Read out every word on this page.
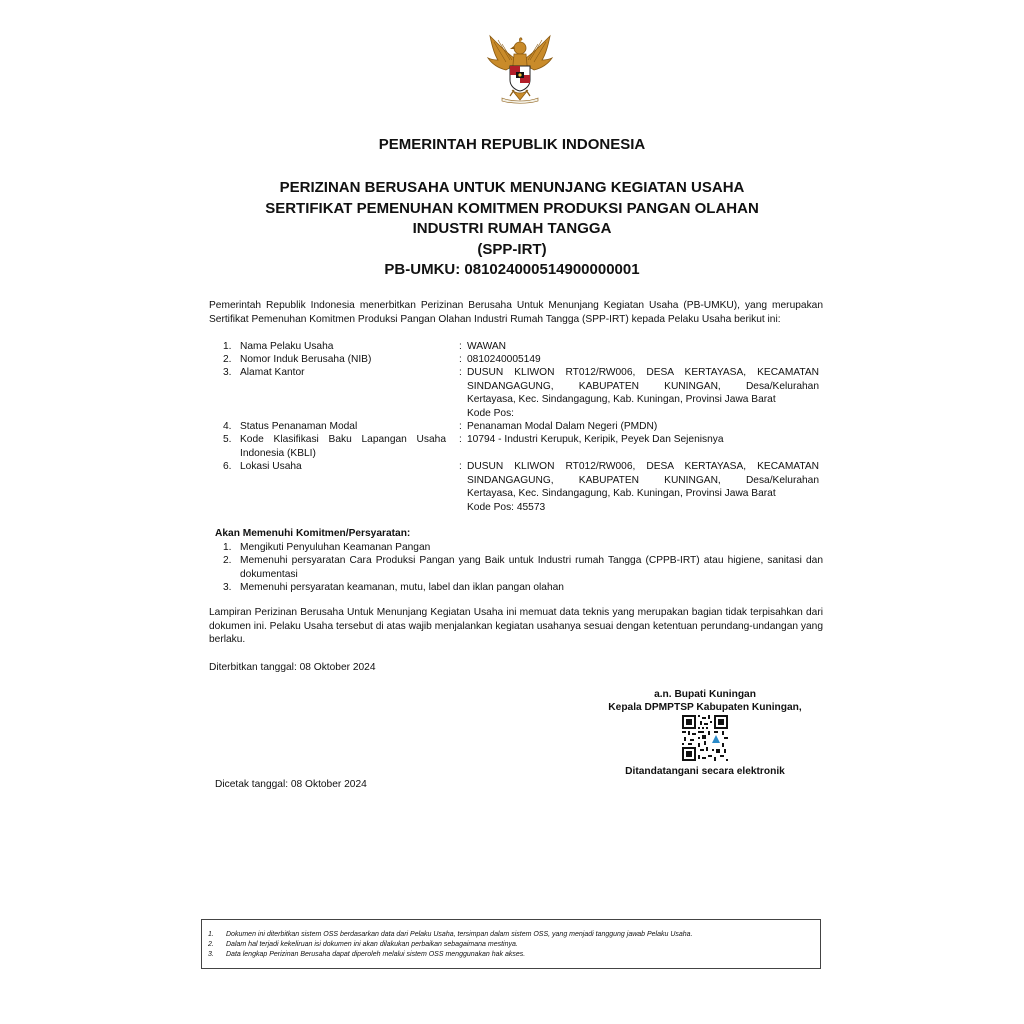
PEMERINTAH REPUBLIK INDONESIA
PERIZINAN BERUSAHA UNTUK MENUNJANG KEGIATAN USAHA
SERTIFIKAT PEMENUHAN KOMITMEN PRODUKSI PANGAN OLAHAN
INDUSTRI RUMAH TANGGA
(SPP-IRT)
PB-UMKU: 081024000514900000001
Pemerintah Republik Indonesia menerbitkan Perizinan Berusaha Untuk Menunjang Kegiatan Usaha (PB-UMKU), yang merupakan Sertifikat Pemenuhan Komitmen Produksi Pangan Olahan Industri Rumah Tangga (SPP-IRT) kepada Pelaku Usaha berikut ini:
1. Nama Pelaku Usaha	: WAWAN
2. Nomor Induk Berusaha (NIB)	: 0810240005149
3. Alamat Kantor	: DUSUN KLIWON RT012/RW006, DESA KERTAYASA, KECAMATAN
SINDANGAGUNG, KABUPATEN KUNINGAN, Desa/Kelurahan
Kertayasa, Kec. Sindangagung, Kab. Kuningan, Provinsi Jawa Barat
Kode Pos:
4. Status Penanaman Modal	: Penanaman Modal Dalam Negeri (PMDN)
5. Kode Klasifikasi Baku Lapangan Usaha
Indonesia (KBLI)
: 10794 - Industri Kerupuk, Keripik, Peyek Dan Sejenisnya
6. Lokasi Usaha	: DUSUN KLIWON RT012/RW006, DESA KERTAYASA, KECAMATAN
SINDANGAGUNG, KABUPATEN KUNINGAN, Desa/Kelurahan
Kertayasa, Kec. Sindangagung, Kab. Kuningan, Provinsi Jawa Barat
Kode Pos: 45573
Akan Memenuhi Komitmen/Persyaratan:
1. Mengikuti Penyuluhan Keamanan Pangan
2. Memenuhi persyaratan Cara Produksi Pangan yang Baik untuk Industri rumah Tangga (CPPB-IRT) atau higiene, sanitasi dan dokumentasi
3. Memenuhi persyaratan keamanan, mutu, label dan iklan pangan olahan
Lampiran Perizinan Berusaha Untuk Menunjang Kegiatan Usaha ini memuat data teknis yang merupakan bagian tidak terpisahkan dari dokumen ini. Pelaku Usaha tersebut di atas wajib menjalankan kegiatan usahanya sesuai dengan ketentuan perundang-undangan yang berlaku.
Diterbitkan tanggal: 08 Oktober 2024
a.n. Bupati Kuningan
Kepala DPMPTSP Kabupaten Kuningan,
Ditandatangani secara elektronik
Dicetak tanggal: 08 Oktober 2024
1. Dokumen ini diterbitkan sistem OSS berdasarkan data dari Pelaku Usaha, tersimpan dalam sistem OSS, yang menjadi tanggung jawab Pelaku Usaha.
2. Dalam hal terjadi kekeliruan isi dokumen ini akan dilakukan perbaikan sebagaimana mestinya.
3. Data lengkap Perizinan Berusaha dapat diperoleh melalui sistem OSS menggunakan hak akses.
